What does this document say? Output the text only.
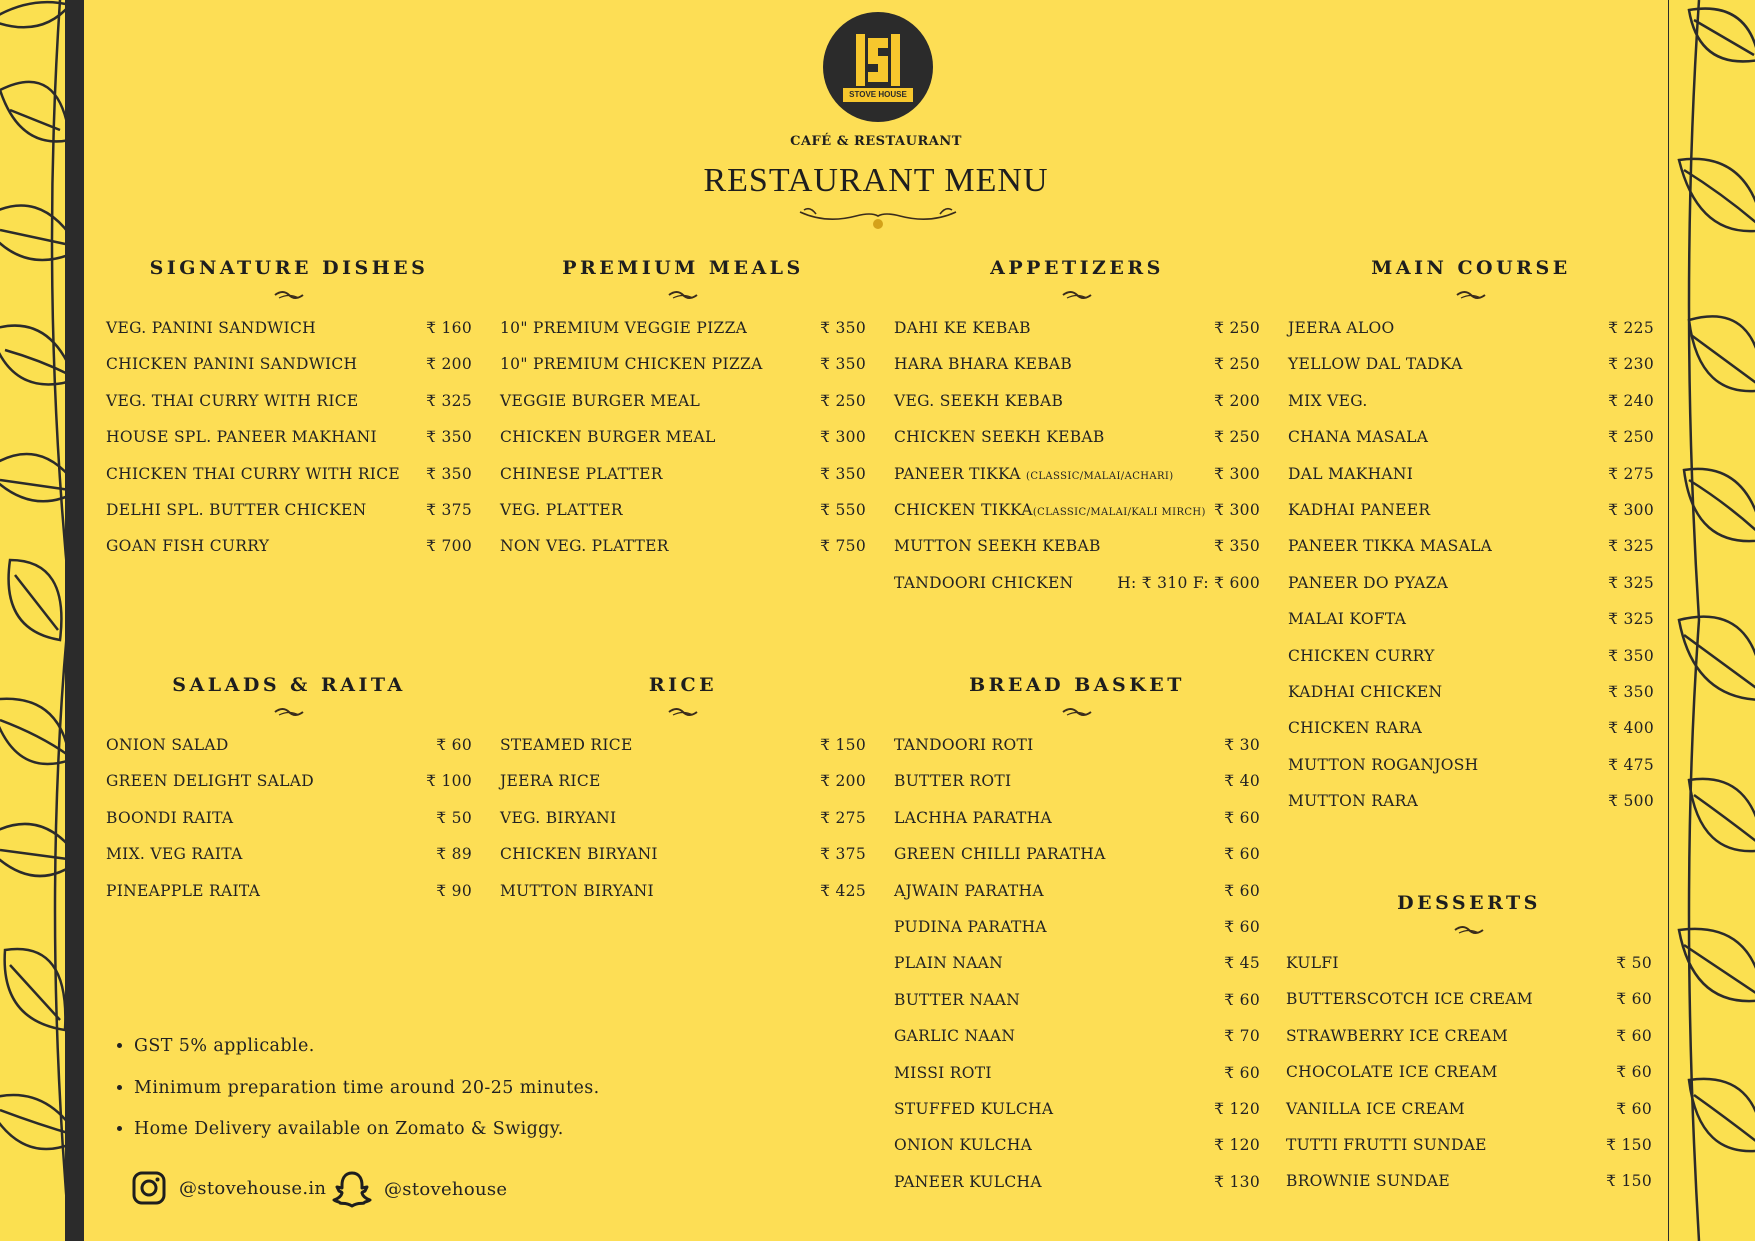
STOVE HOUSE
CAFÉ & RESTAURANT
RESTAURANT MENU
SIGNATURE DISHES
VEG. PANINI SANDWICH	₹ 160
CHICKEN PANINI SANDWICH	₹ 200
VEG. THAI CURRY WITH RICE	₹ 325
HOUSE SPL. PANEER MAKHANI	₹ 350
CHICKEN THAI CURRY WITH RICE ₹ 350
DELHI SPL. BUTTER CHICKEN	₹ 375
GOAN FISH CURRY	₹ 700
PREMIUM MEALS
10" PREMIUM VEGGIE PIZZA	₹ 350
10" PREMIUM CHICKEN PIZZA	₹ 350
VEGGIE BURGER MEAL	₹ 250
CHICKEN BURGER MEAL	₹ 300
CHINESE PLATTER	₹ 350
VEG. PLATTER	₹ 550
NON VEG. PLATTER	₹ 750
APPETIZERS
DAHI KE KEBAB	₹ 250
HARA BHARA KEBAB	₹ 250
VEG. SEEKH KEBAB	₹ 200
CHICKEN SEEKH KEBAB	₹ 250
PANEER TIKKA (CLASSIC/MALAI/ACHARI)	₹ 300
CHICKEN TIKKA(CLASSIC/MALAI/KALI MIRCH) ₹ 300
MUTTON SEEKH KEBAB	₹ 350
TANDOORI CHICKEN	H: ₹ 310 F: ₹ 600
MAIN COURSE
JEERA ALOO	₹ 225
YELLOW DAL TADKA	₹ 230
MIX VEG.	₹ 240
CHANA MASALA	₹ 250
DAL MAKHANI	₹ 275
KADHAI PANEER	₹ 300
PANEER TIKKA MASALA	₹ 325
PANEER DO PYAZA	₹ 325
MALAI KOFTA	₹ 325
CHICKEN CURRY	₹ 350
KADHAI CHICKEN	₹ 350
CHICKEN RARA	₹ 400
MUTTON ROGANJOSH	₹ 475
MUTTON RARA	₹ 500
SALADS & RAITA
ONION SALAD	₹ 60
GREEN DELIGHT SALAD	₹ 100
BOONDI RAITA	₹ 50
MIX. VEG RAITA	₹ 89
PINEAPPLE RAITA	₹ 90
RICE
STEAMED RICE	₹ 150
JEERA RICE	₹ 200
VEG. BIRYANI	₹ 275
CHICKEN BIRYANI	₹ 375
MUTTON BIRYANI	₹ 425
BREAD BASKET
TANDOORI ROTI	₹ 30
BUTTER ROTI	₹ 40
LACHHA PARATHA	₹ 60
GREEN CHILLI PARATHA	₹ 60
AJWAIN PARATHA	₹ 60
PUDINA PARATHA	₹ 60
PLAIN NAAN	₹ 45
BUTTER NAAN	₹ 60
GARLIC NAAN	₹ 70
MISSI ROTI	₹ 60
STUFFED KULCHA	₹ 120
ONION KULCHA	₹ 120
PANEER KULCHA	₹ 130
DESSERTS
KULFI	₹ 50
BUTTERSCOTCH ICE CREAM	₹ 60
STRAWBERRY ICE CREAM	₹ 60
CHOCOLATE ICE CREAM	₹ 60
VANILLA ICE CREAM	₹ 60
TUTTI FRUTTI SUNDAE	₹ 150
BROWNIE SUNDAE	₹ 150
• GST 5% applicable.
• Minimum preparation time around 20-25 minutes.
• Home Delivery available on Zomato & Swiggy.
@stovehouse.in	@stovehouse
